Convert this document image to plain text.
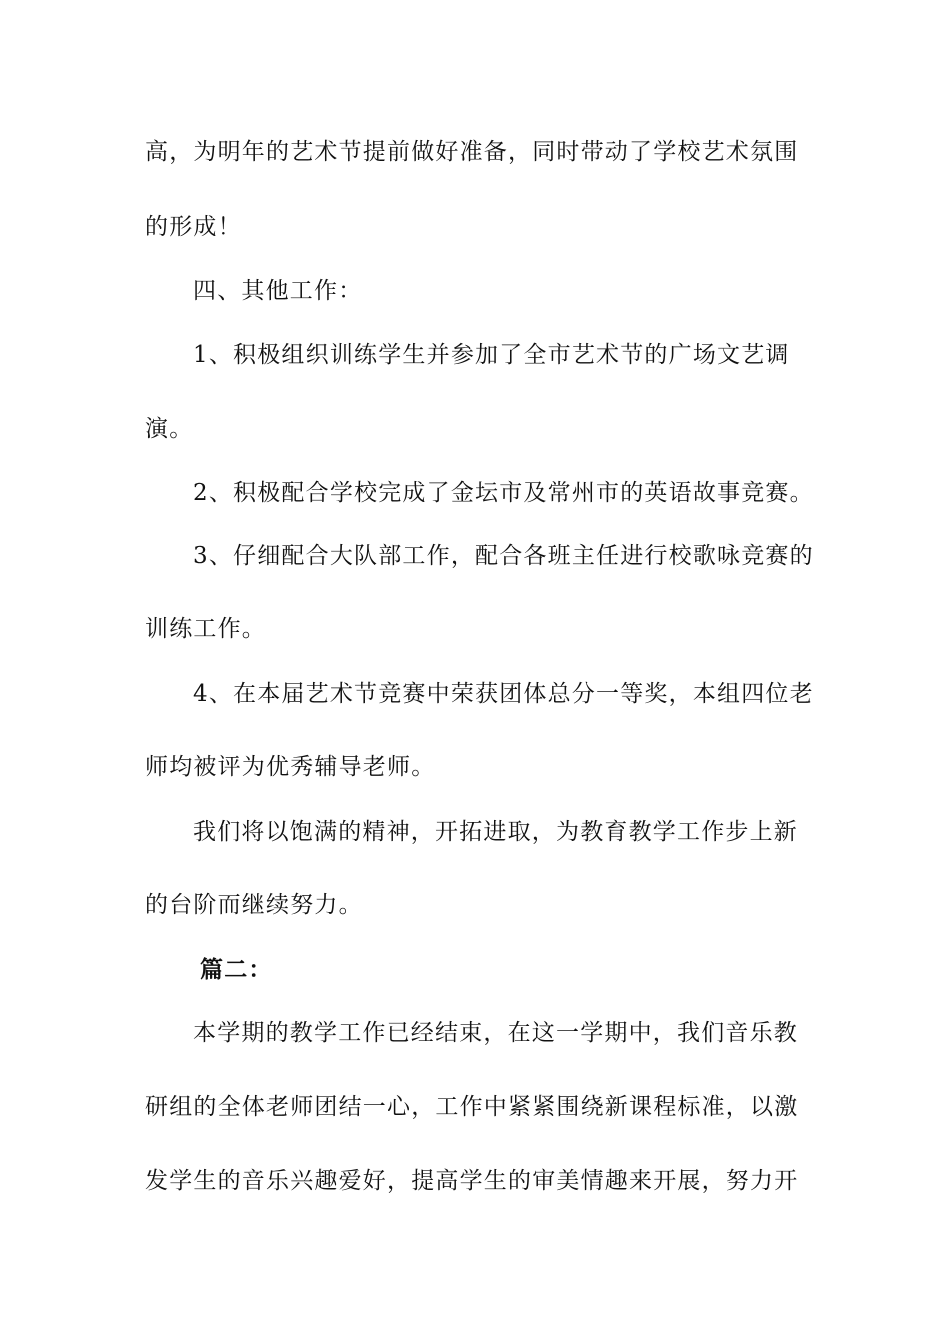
高，为明年的艺术节提前做好准备，同时带动了学校艺术氛围
的形成！
四、其他工作：
1、积极组织训练学生并参加了全市艺术节的广场文艺调
演。
2、积极配合学校完成了金坛市及常州市的英语故事竞赛。
3、仔细配合大队部工作，配合各班主任进行校歌咏竞赛的
训练工作。
4、在本届艺术节竞赛中荣获团体总分一等奖，本组四位老
师均被评为优秀辅导老师。
我们将以饱满的精神，开拓进取，为教育教学工作步上新
的台阶而继续努力。
篇二：
本学期的教学工作已经结束，在这一学期中，我们音乐教
研组的全体老师团结一心，工作中紧紧围绕新课程标准，以激
发学生的音乐兴趣爱好，提高学生的审美情趣来开展，努力开
